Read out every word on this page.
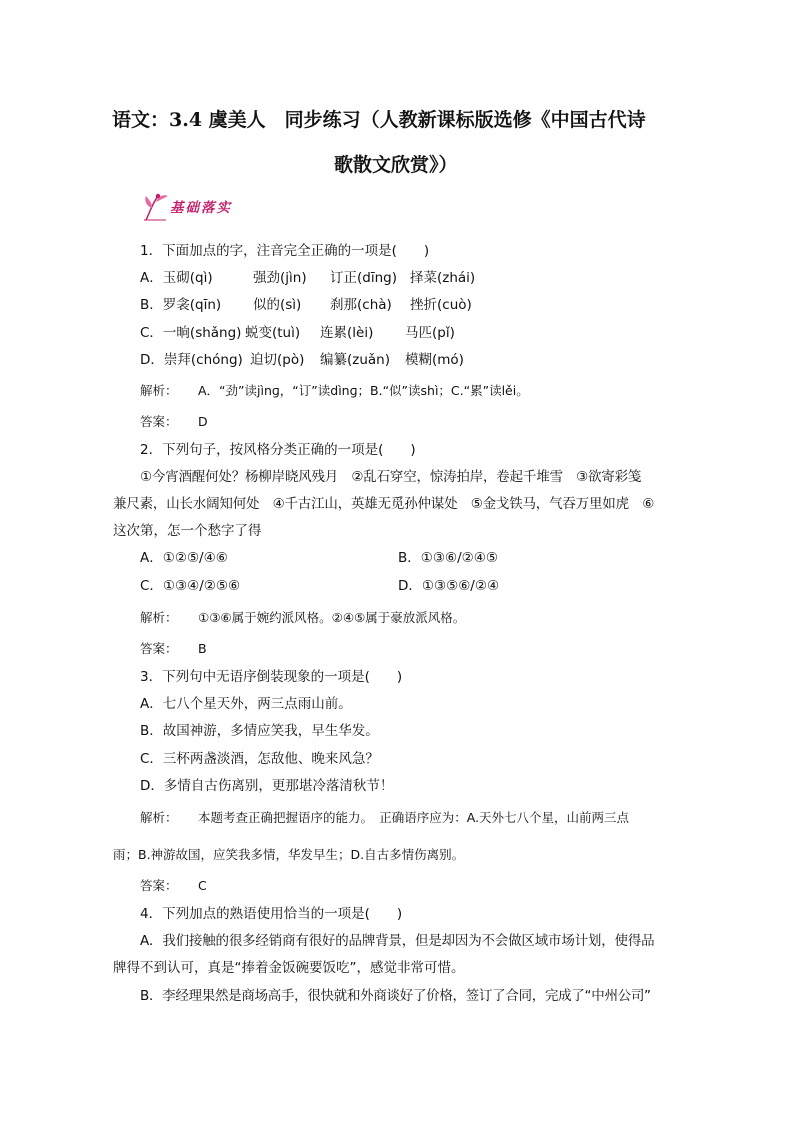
语文：3.4 虞美人　同步练习（人教新课标版选修《中国古代诗
歌散文欣赏》）
基础落实
1．下面加点的字，注音完全正确的一项是(　　)
A．玉砌(qì)	强劲(jìn) 订正(dīng) 择菜(zhái)
B．罗衾(qīn) 似的(sì) 刹那(chà) 挫折(cuò)
C．一晌(shǎng) 蜕变(tuì) 连累(lèi) 马匹(pǐ)
D．崇拜(chóng) 迫切(pò) 编纂(zuǎn) 模糊(mó)
解析： A．“劲”读jìnɡ，“订”读dìnɡ；B.“似”读shì；C.“累”读lěi。
答案： D
2．下列句子，按风格分类正确的一项是(　　)
①今宵酒醒何处？杨柳岸晓风残月　②乱石穿空，惊涛拍岸，卷起千堆雪　③欲寄彩笺
兼尺素，山长水阔知何处　④千古江山，英雄无觅孙仲谋处　⑤金戈铁马，气吞万里如虎　⑥
这次第，怎一个愁字了得
A．①②⑤/④⑥	B．①③⑥/②④⑤
C．①③④/②⑤⑥	D．①③⑤⑥/②④
解析： ①③⑥属于婉约派风格。②④⑤属于豪放派风格。
答案： B
3．下列句中无语序倒装现象的一项是(　　)
A．七八个星天外，两三点雨山前。
B．故国神游，多情应笑我，早生华发。
C．三杯两盏淡酒，怎敌他、晚来风急？
D．多情自古伤离别，更那堪冷落清秋节！
解析： 本题考查正确把握语序的能力。　正确语序应为：A.天外七八个星，山前两三点
雨；B.神游故国，应笑我多情，华发早生；D.自古多情伤离别。
答案： C
4．下列加点的熟语使用恰当的一项是(　　)
A．我们接触的很多经销商有很好的品牌背景，但是却因为不会做区域市场计划，使得品
牌得不到认可，真是“捧着金饭碗要饭吃”，感觉非常可惜。
B．李经理果然是商场高手，很快就和外商谈好了价格，签订了合同，完成了“中州公司”
